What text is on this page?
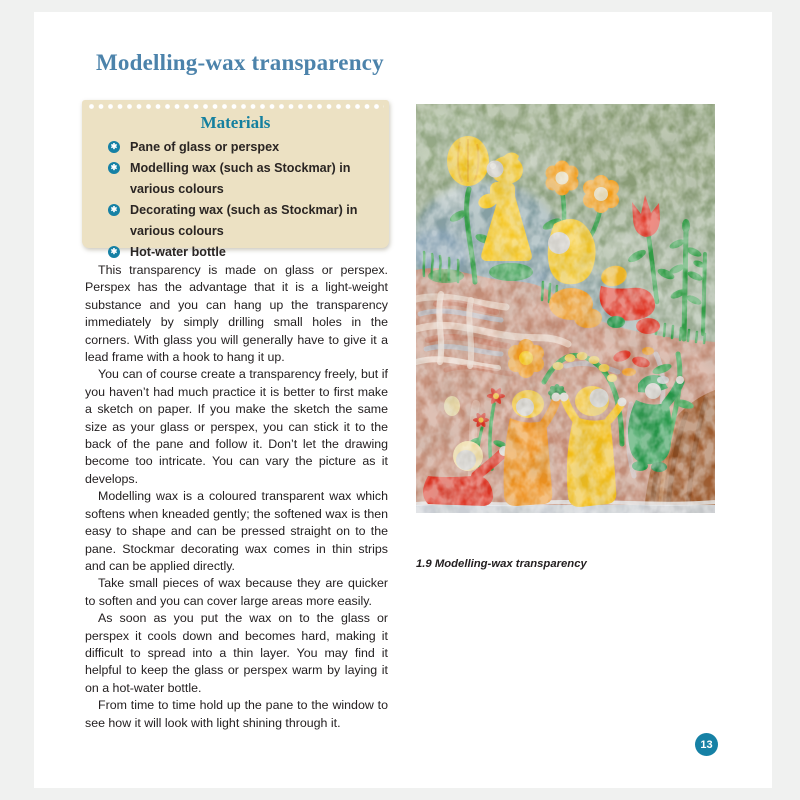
Modelling-wax transparency
Materials
✱ Pane of glass or perspex
✱ Modelling wax (such as Stockmar) in various colours
✱ Decorating wax (such as Stockmar) in various colours
✱ Hot-water bottle

This transparency is made on glass or perspex. Perspex has the advantage that it is a light-weight substance and you can hang up the transparency immediately by simply drilling small holes in the corners. With glass you will generally have to give it a lead frame with a hook to hang it up.

You can of course create a transparency freely, but if you haven’t had much practice it is better to first make a sketch on paper. If you make the sketch the same size as your glass or perspex, you can stick it to the back of the pane and follow it. Don’t let the drawing become too intricate. You can vary the picture as it develops.

Modelling wax is a coloured transparent wax which softens when kneaded gently; the softened wax is then easy to shape and can be pressed straight on to the pane. Stockmar decorating wax comes in thin strips and can be applied directly.

Take small pieces of wax because they are quicker to soften and you can cover large areas more easily.

As soon as you put the wax on to the glass or perspex it cools down and becomes hard, making it difficult to spread into a thin layer. You may find it helpful to keep the glass or perspex warm by laying it on a hot-water bottle.

From time to time hold up the pane to the window to see how it will look with light shining through it.

1.9 Modelling-wax transparency
13
